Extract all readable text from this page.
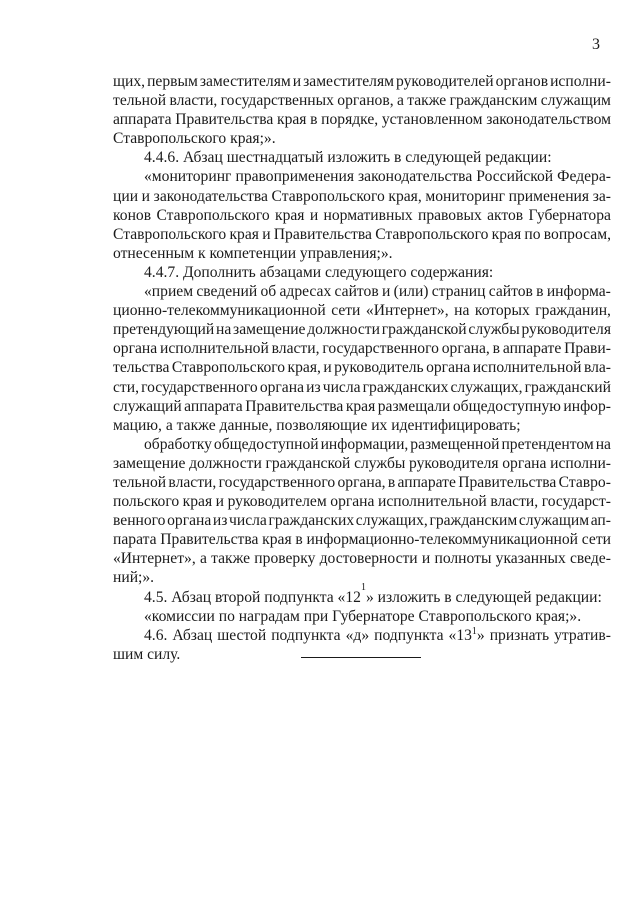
3
щих, первым заместителям и заместителям руководителей органов исполни-
тельной власти, государственных органов, а также гражданским служащим
аппарата Правительства края в порядке, установленном законодательством
Ставропольского края;».
4.4.6. Абзац шестнадцатый изложить в следующей редакции:
«мониторинг правоприменения законодательства Российской Федера-
ции и законодательства Ставропольского края, мониторинг применения за-
конов Ставропольского края и нормативных правовых актов Губернатора
Ставропольского края и Правительства Ставропольского края по вопросам,
отнесенным к компетенции управления;».
4.4.7. Дополнить абзацами следующего содержания:
«прием сведений об адресах сайтов и (или) страниц сайтов в информа-
ционно-телекоммуникационной сети «Интернет», на которых гражданин,
претендующий на замещение должности гражданской службы руководителя
органа исполнительной власти, государственного органа, в аппарате Прави-
тельства Ставропольского края, и руководитель органа исполнительной вла-
сти, государственного органа из числа гражданских служащих, гражданский
служащий аппарата Правительства края размещали общедоступную инфор-
мацию, а также данные, позволяющие их идентифицировать;
обработку общедоступной информации, размещенной претендентом на
замещение должности гражданской службы руководителя органа исполни-
тельной власти, государственного органа, в аппарате Правительства Ставро-
польского края и руководителем органа исполнительной власти, государст-
венного органа из числа гражданских служащих, гражданским служащим ап-
парата Правительства края в информационно-телекоммуникационной сети
«Интернет», а также проверку достоверности и полноты указанных сведе-
ний;».
4.5. Абзац второй подпункта «12
1
» изложить в следующей редакции:
«комиссии по наградам при Губернаторе Ставропольского края;».
4.6. Абзац шестой подпункта «д» подпункта «$13^1$» признать утратив-
шим силу.
